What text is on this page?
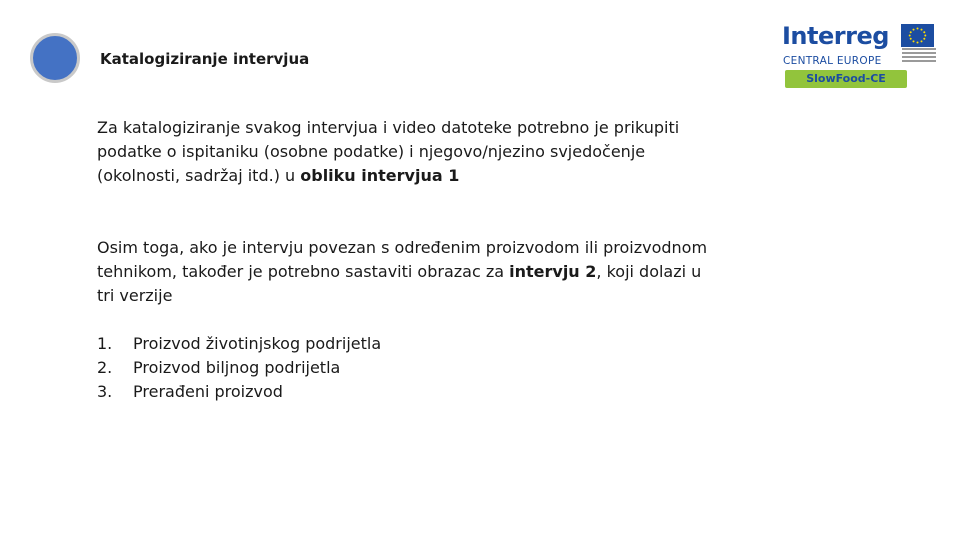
Katalogiziranje intervjua
Interreg
CENTRAL EUROPE
SlowFood-CE

Za katalogiziranje svakog intervjua i video datoteke potrebno je prikupiti podatke o ispitaniku (osobne podatke) i njegovo/njezino svjedočenje (okolnosti, sadržaj itd.) u obliku intervjua 1

Osim toga, ako je intervju povezan s određenim proizvodom ili proizvodnom tehnikom, također je potrebno sastaviti obrazac za intervju 2, koji dolazi u tri verzije

1.	Proizvod životinjskog podrijetla
2.	Proizvod biljnog podrijetla
3.	Prerađeni proizvod
